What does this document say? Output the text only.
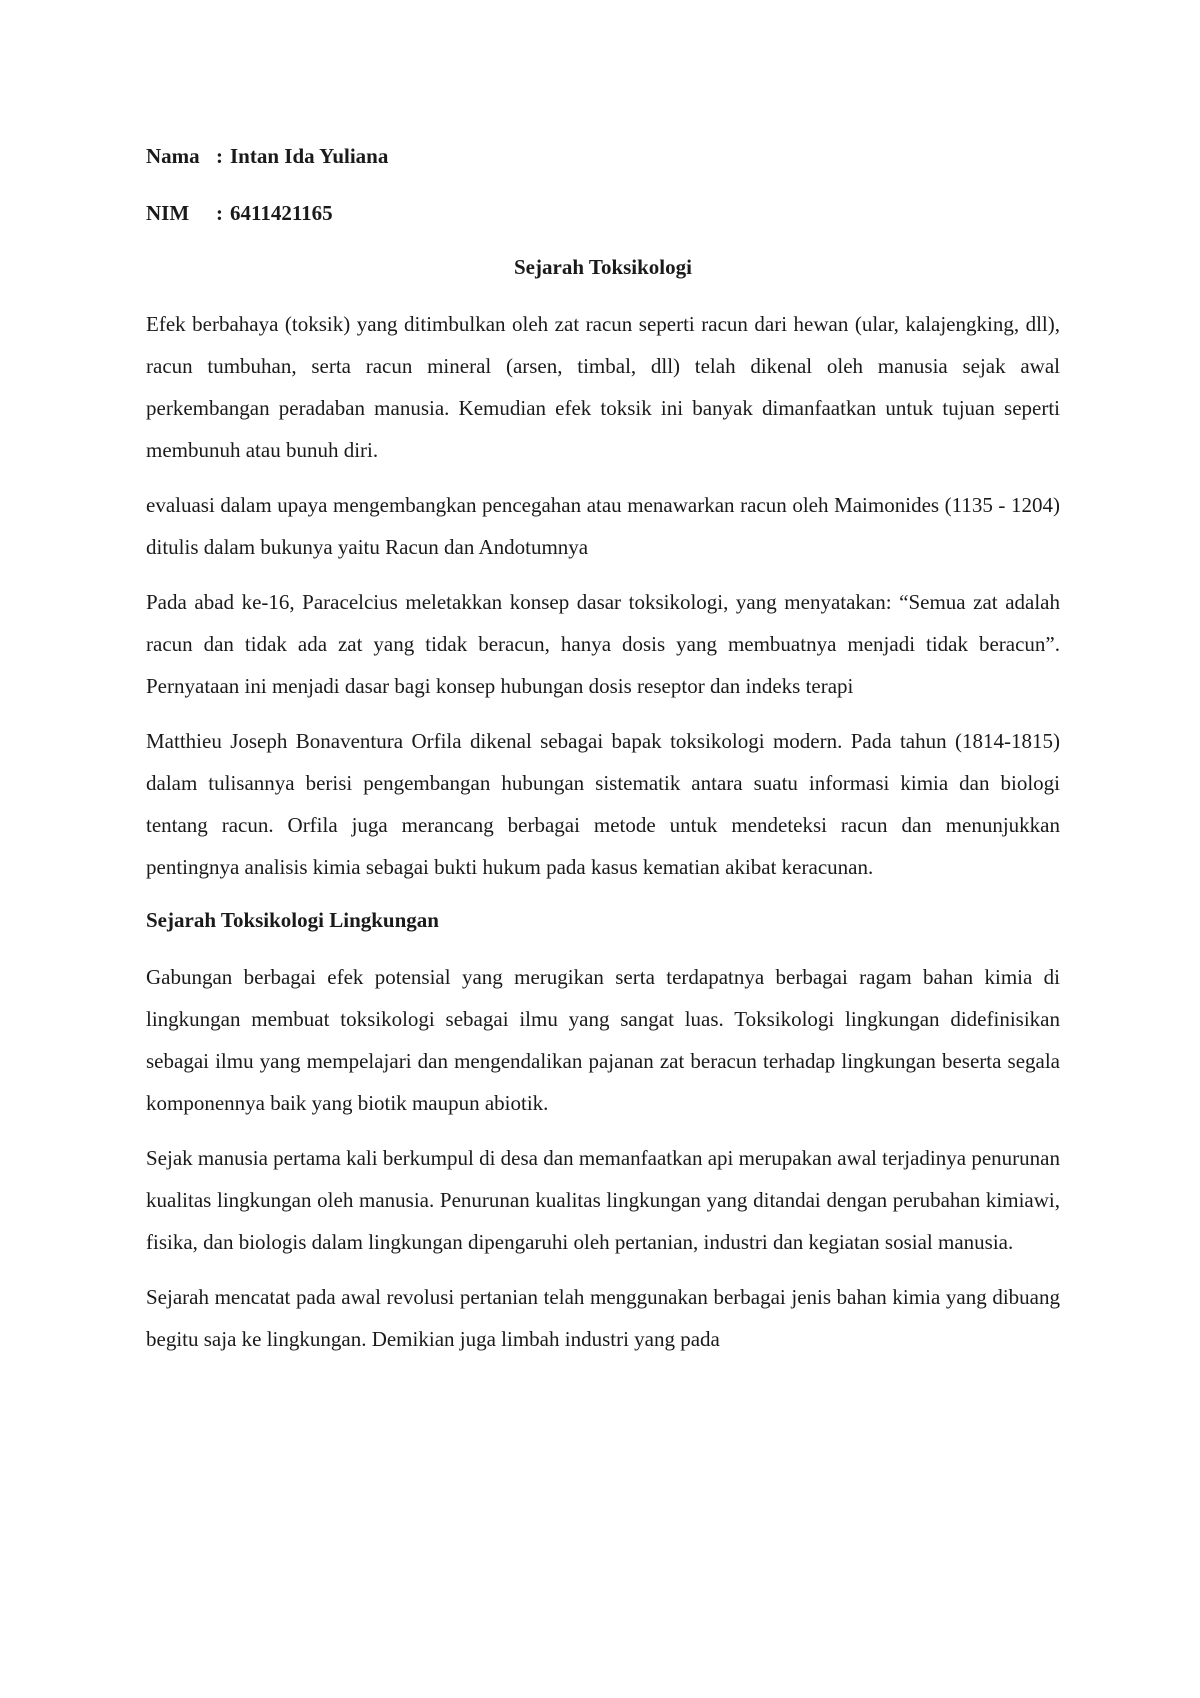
Nama : Intan Ida Yuliana

NIM : 6411421165

Sejarah Toksikologi

Efek berbahaya (toksik) yang ditimbulkan oleh zat racun seperti racun dari hewan (ular, kalajengking, dll), racun tumbuhan, serta racun mineral (arsen, timbal, dll) telah dikenal oleh manusia sejak awal perkembangan peradaban manusia. Kemudian efek toksik ini banyak dimanfaatkan untuk tujuan seperti membunuh atau bunuh diri.

evaluasi dalam upaya mengembangkan pencegahan atau menawarkan racun oleh Maimonides (1135 - 1204) ditulis dalam bukunya yaitu Racun dan Andotumnya

Pada abad ke-16, Paracelcius meletakkan konsep dasar toksikologi, yang menyatakan: “Semua zat adalah racun dan tidak ada zat yang tidak beracun, hanya dosis yang membuatnya menjadi tidak beracun”. Pernyataan ini menjadi dasar bagi konsep hubungan dosis reseptor dan indeks terapi

Matthieu Joseph Bonaventura Orfila dikenal sebagai bapak toksikologi modern. Pada tahun (1814-1815) dalam tulisannya berisi pengembangan hubungan sistematik antara suatu informasi kimia dan biologi tentang racun. Orfila juga merancang berbagai metode untuk mendeteksi racun dan menunjukkan pentingnya analisis kimia sebagai bukti hukum pada kasus kematian akibat keracunan.

Sejarah Toksikologi Lingkungan

Gabungan berbagai efek potensial yang merugikan serta terdapatnya berbagai ragam bahan kimia di lingkungan membuat toksikologi sebagai ilmu yang sangat luas. Toksikologi lingkungan didefinisikan sebagai ilmu yang mempelajari dan mengendalikan pajanan zat beracun terhadap lingkungan beserta segala komponennya baik yang biotik maupun abiotik.

Sejak manusia pertama kali berkumpul di desa dan memanfaatkan api merupakan awal terjadinya penurunan kualitas lingkungan oleh manusia. Penurunan kualitas lingkungan yang ditandai dengan perubahan kimiawi, fisika, dan biologis dalam lingkungan dipengaruhi oleh pertanian, industri dan kegiatan sosial manusia.

Sejarah mencatat pada awal revolusi pertanian telah menggunakan berbagai jenis bahan kimia yang dibuang begitu saja ke lingkungan. Demikian juga limbah industri yang pada
